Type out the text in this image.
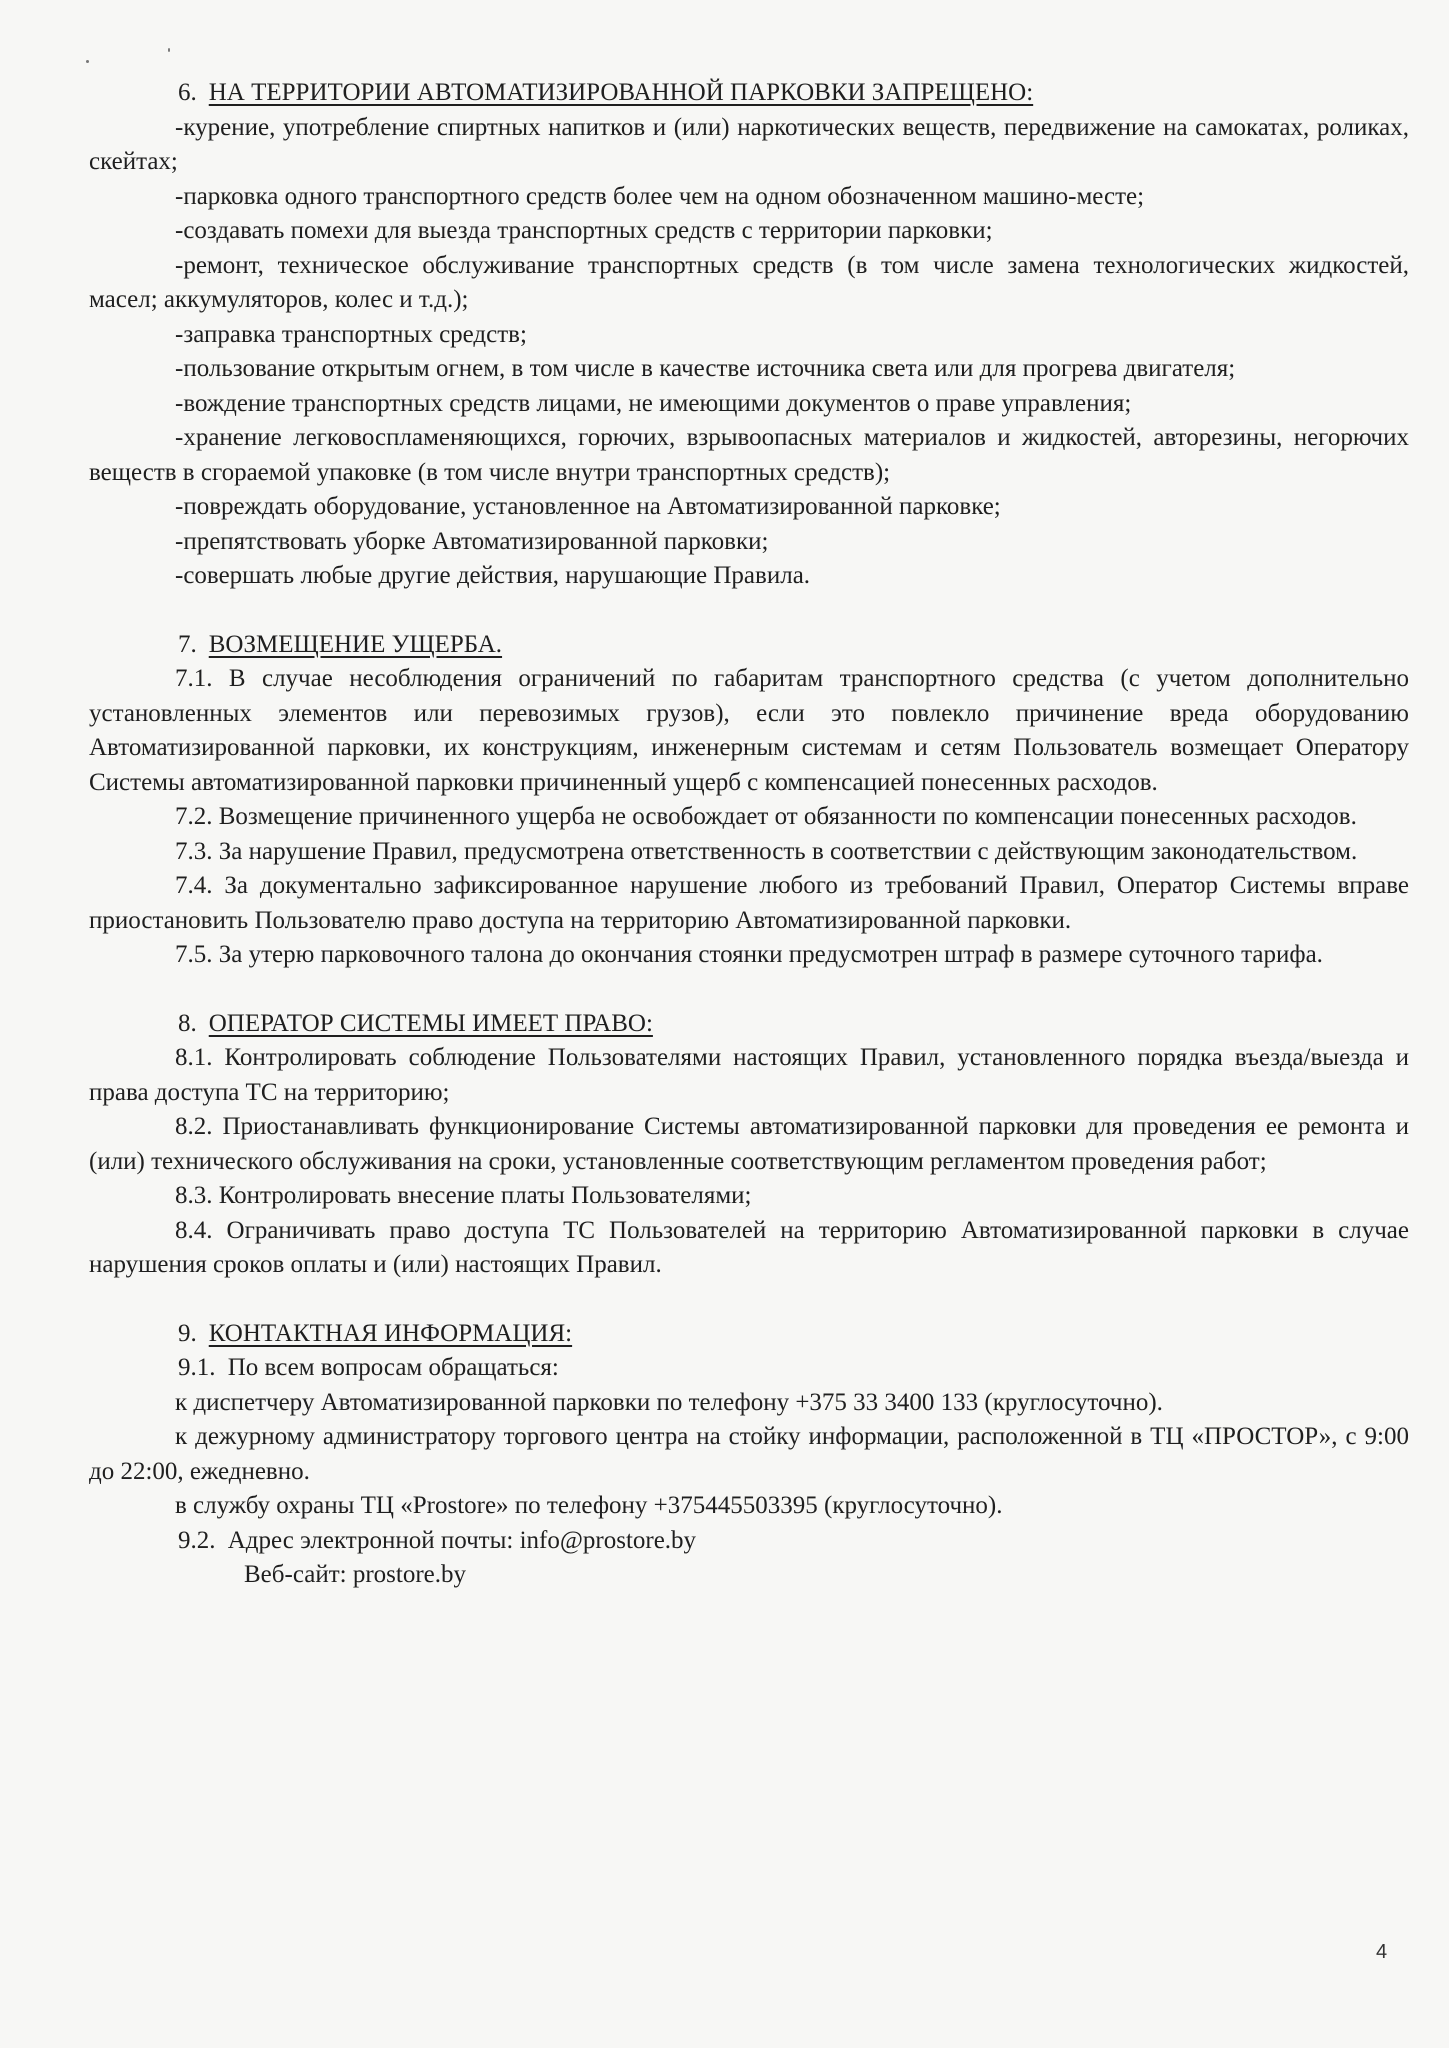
6. НА ТЕРРИТОРИИ АВТОМАТИЗИРОВАННОЙ ПАРКОВКИ ЗАПРЕЩЕНО:

-курение, употребление спиртных напитков и (или) наркотических веществ, передвижение на самокатах, роликах, скейтах;

-парковка одного транспортного средств более чем на одном обозначенном машино-месте;

-создавать помехи для выезда транспортных средств с территории парковки;

-ремонт, техническое обслуживание транспортных средств (в том числе замена технологических жидкостей, масел; аккумуляторов, колес и т.д.);

-заправка транспортных средств;

-пользование открытым огнем, в том числе в качестве источника света или для прогрева двигателя;

-вождение транспортных средств лицами, не имеющими документов о праве управления;

-хранение легковоспламеняющихся, горючих, взрывоопасных материалов и жидкостей, авторезины, негорючих веществ в сгораемой упаковке (в том числе внутри транспортных средств);

-повреждать оборудование, установленное на Автоматизированной парковке;

-препятствовать уборке Автоматизированной парковки;

-совершать любые другие действия, нарушающие Правила.

7. ВОЗМЕЩЕНИЕ УЩЕРБА.

7.1. В случае несоблюдения ограничений по габаритам транспортного средства (с учетом дополнительно установленных элементов или перевозимых грузов), если это повлекло причинение вреда оборудованию Автоматизированной парковки, их конструкциям, инженерным системам и сетям Пользователь возмещает Оператору Системы автоматизированной парковки причиненный ущерб с компенсацией понесенных расходов.

7.2. Возмещение причиненного ущерба не освобождает от обязанности по компенсации понесенных расходов.

7.3. За нарушение Правил, предусмотрена ответственность в соответствии с действующим законодательством.

7.4. За документально зафиксированное нарушение любого из требований Правил, Оператор Системы вправе приостановить Пользователю право доступа на территорию Автоматизированной парковки.

7.5. За утерю парковочного талона до окончания стоянки предусмотрен штраф в размере суточного тарифа.

8. ОПЕРАТОР СИСТЕМЫ ИМЕЕТ ПРАВО:

8.1. Контролировать соблюдение Пользователями настоящих Правил, установленного порядка въезда/выезда и права доступа ТС на территорию;

8.2. Приостанавливать функционирование Системы автоматизированной парковки для проведения ее ремонта и (или) технического обслуживания на сроки, установленные соответствующим регламентом проведения работ;

8.3. Контролировать внесение платы Пользователями;

8.4. Ограничивать право доступа ТС Пользователей на территорию Автоматизированной парковки в случае нарушения сроков оплаты и (или) настоящих Правил.

9. КОНТАКТНАЯ ИНФОРМАЦИЯ:
9.1. По всем вопросам обращаться:

к диспетчеру Автоматизированной парковки по телефону +375 33 3400 133 (круглосуточно).

к дежурному администратору торгового центра на стойку информации, расположенной в ТЦ «ПРОСТОР», с 9:00 до 22:00, ежедневно.

в службу охраны ТЦ «Prostore» по телефону +375445503395 (круглосуточно).

9.2. Адрес электронной почты: info@prostore.by
Веб-сайт: prostore.by
4
